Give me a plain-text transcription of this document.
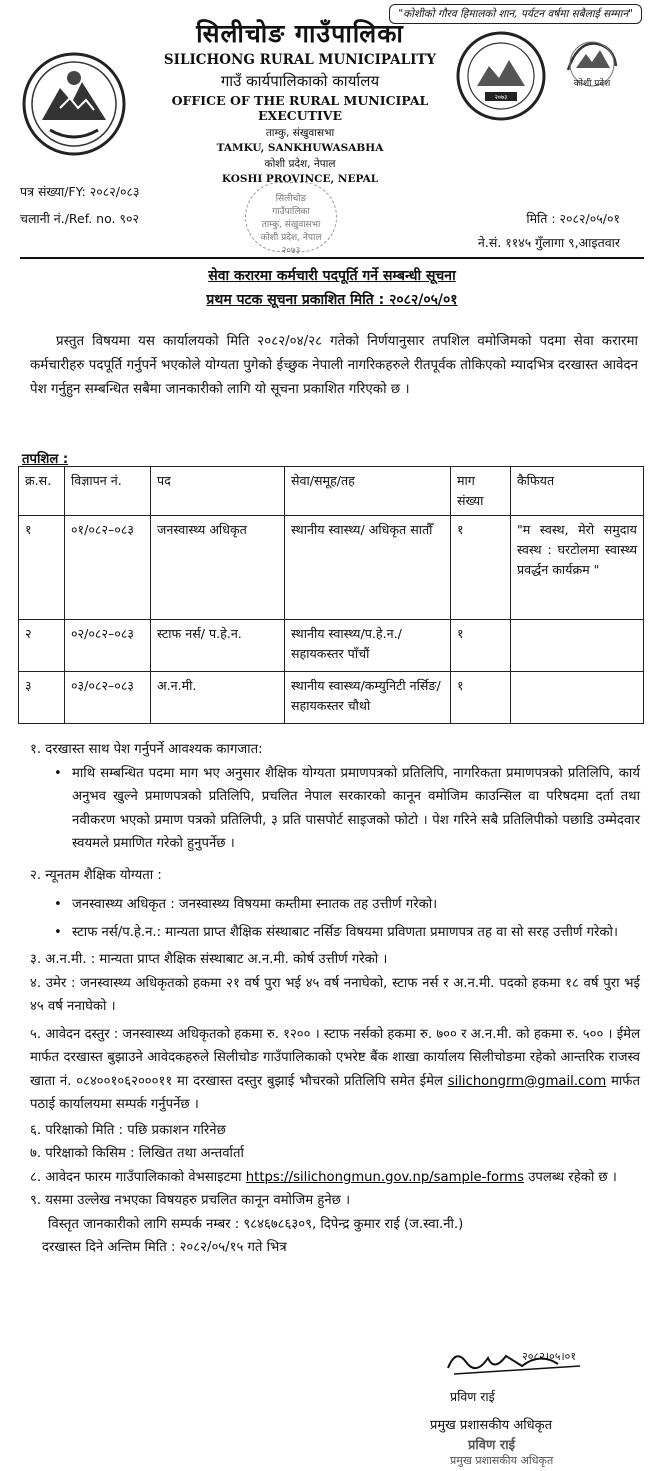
"कोशीको गौरव हिमालको शान, पर्यटन वर्षमा सबैलाई सम्मान"
सिलीचोङ गाउँपालिका
SILICHONG RURAL MUNICIPALITY
गाउँ कार्यपालिकाको कार्यालय
OFFICE OF THE RURAL MUNICIPAL EXECUTIVE
ताम्कु, संखुवासभा
TAMKU, SANKHUWASABHA
कोशी प्रदेश, नेपाल
KOSHI PROVINCE, NEPAL
२०७३
कोशी प्रदेश
पत्र संख्या/FY: २०८२/०८३
चलानी नं./Ref. no. ९०२	मिति : २०८२/०५/०१
ने.सं. ११४५ गुँलागा ९,आइतवार
सिलीचोङ
गाउँपालिका
ताम्कु, संखुवासभा
कोशी प्रदेश, नेपाल
२०७३
सेवा करारमा कर्मचारी पदपूर्ति गर्ने सम्बन्धी सूचना
प्रथम पटक सूचना प्रकाशित मिति : २०८२/०५/०१
प्रस्तुत विषयमा यस कार्यालयको मिति २०८२/०४/२८ गतेको निर्णयानुसार तपशिल वमोजिमको पदमा सेवा करारमा कर्मचारीहरु पदपूर्ति गर्नुपर्ने भएकोले योग्यता पुगेको ईच्छुक नेपाली नागरिकहरुले रीतपूर्वक तोकिएको म्यादभित्र दरखास्त आवेदन पेश गर्नुहुन सम्बन्धित सबैमा जानकारीको लागि यो सूचना प्रकाशित गरिएको छ ।
तपशिल :
क्र.स.	विज्ञापन नं.	पद	सेवा/समूह/तह	माग संख्या	कैफियत
१	०१/०८२–०८३	जनस्वास्थ्य अधिकृत	स्थानीय स्वास्थ्य/ अधिकृत सातौँ	१	"म स्वस्थ, मेरो समुदाय स्वस्थ : घरटोलमा स्वास्थ्य प्रवर्द्धन कार्यक्रम "
२	०२/०८२–०८३	स्टाफ नर्स/ प.हे.न.	स्थानीय स्वास्थ्य/प.हे.न./ सहायकस्तर पाँचौं	१	
३	०३/०८२–०८३	अ.न.मी.	स्थानीय स्वास्थ्य/कम्युनिटी नर्सिङ/सहायकस्तर चौथो	१	
१. दरखास्त साथ पेश गर्नुपर्ने आवश्यक कागजात:
• माथि सम्बन्धित पदमा माग भए अनुसार शैक्षिक योग्यता प्रमाणपत्रको प्रतिलिपि, नागरिकता प्रमाणपत्रको प्रतिलिपि, कार्य अनुभव खुल्ने प्रमाणपत्रको प्रतिलिपि, प्रचलित नेपाल सरकारको कानून वमोजिम काउन्सिल वा परिषदमा दर्ता तथा नवीकरण भएको प्रमाण पत्रको प्रतिलिपी, ३ प्रति पासपोर्ट साइजको फोटो । पेश गरिने सबै प्रतिलिपीको पछाडि उम्मेदवार स्वयमले प्रमाणित गरेको हुनुपर्नेछ ।
२. न्यूनतम शैक्षिक योग्यता :
• जनस्वास्थ्य अधिकृत : जनस्वास्थ्य विषयमा कम्तीमा स्नातक तह उत्तीर्ण गरेको।
• स्टाफ नर्स/प.हे.न.: मान्यता प्राप्त शैक्षिक संस्थाबाट नर्सिङ विषयमा प्रविणता प्रमाणपत्र तह वा सो सरह उत्तीर्ण गरेको।
३. अ.न.मी. : मान्यता प्राप्त शैक्षिक संस्थाबाट अ.न.मी. कोर्ष उत्तीर्ण गरेको ।
४. उमेर : जनस्वास्थ्य अधिकृतको हकमा २१ वर्ष पुरा भई ४५ वर्ष ननाघेको, स्टाफ नर्स र अ.न.मी. पदको हकमा १८ वर्ष पुरा भई ४५ वर्ष ननाघेको ।
५. आवेदन दस्तुर : जनस्वास्थ्य अधिकृतको हकमा रु. १२०० । स्टाफ नर्सको हकमा रु. ७०० र अ.न.मी. को हकमा रु. ५०० । ईमेल मार्फत दरखास्त बुझाउने आवेदकहरुले सिलीचोङ गाउँपालिकाको एभरेष्ट बैंक शाखा कार्यालय सिलीचोङमा रहेको आन्तरिक राजस्व खाता नं. ०८४००१०६२०००११ मा दरखास्त दस्तुर बुझाई भौचरको प्रतिलिपि समेत ईमेल silichongrm@gmail.com मार्फत पठाई कार्यालयमा सम्पर्क गर्नुपर्नेछ ।
६. परिक्षाको मिति : पछि प्रकाशन गरिनेछ
७. परिक्षाको किसिम : लिखित तथा अन्तर्वार्ता
८. आवेदन फारम गाउँपालिकाको वेभसाइटमा https://silichongmun.gov.np/sample-forms उपलब्ध रहेको छ ।
९. यसमा उल्लेख नभएका विषयहरु प्रचलित कानून वमोजिम हुनेछ ।
विस्तृत जानकारीको लागि सम्पर्क नम्बर : ९८४६७८६३०९, दिपेन्द्र कुमार राई (ज.स्वा.नी.)
दरखास्त दिने अन्तिम मिति : २०८२/०५/१५ गते भित्र
२०८२।०५।०१
प्रविण राई
प्रमुख प्रशासकीय अधिकृत
प्रविण राई
प्रमुख प्रशासकीय अधिकृत
